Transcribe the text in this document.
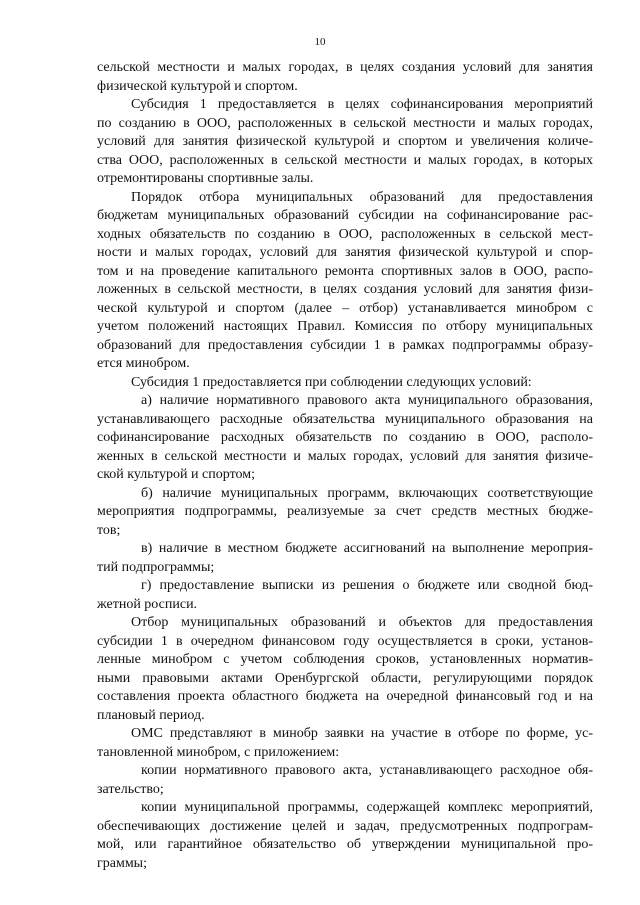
10
сельской местности и малых городах, в целях создания условий для занятия
физической культурой и спортом.
Субсидия 1 предоставляется в целях софинансирования мероприятий
по созданию в ООО, расположенных в сельской местности и малых городах,
условий для занятия физической культурой и спортом и увеличения количе-
ства ООО, расположенных в сельской местности и малых городах, в которых
отремонтированы спортивные залы.
Порядок отбора муниципальных образований для предоставления
бюджетам муниципальных образований субсидии на софинансирование рас-
ходных обязательств по созданию в ООО, расположенных в сельской мест-
ности и малых городах, условий для занятия физической культурой и спор-
том и на проведение капитального ремонта спортивных залов в ООО, распо-
ложенных в сельской местности, в целях создания условий для занятия физи-
ческой культурой и спортом (далее – отбор) устанавливается минобром с
учетом положений настоящих Правил. Комиссия по отбору муниципальных
образований для предоставления субсидии 1 в рамках подпрограммы образу-
ется минобром.
Субсидия 1 предоставляется при соблюдении следующих условий:
а) наличие нормативного правового акта муниципального образования,
устанавливающего расходные обязательства муниципального образования на
софинансирование расходных обязательств по созданию в ООО, располо-
женных в сельской местности и малых городах, условий для занятия физиче-
ской культурой и спортом;
б) наличие муниципальных программ, включающих соответствующие
мероприятия подпрограммы, реализуемые за счет средств местных бюдже-
тов;
в) наличие в местном бюджете ассигнований на выполнение мероприя-
тий подпрограммы;
г) предоставление выписки из решения о бюджете или сводной бюд-
жетной росписи.
Отбор муниципальных образований и объектов для предоставления
субсидии 1 в очередном финансовом году осуществляется в сроки, установ-
ленные минобром с учетом соблюдения сроков, установленных норматив-
ными правовыми актами Оренбургской области, регулирующими порядок
составления проекта областного бюджета на очередной финансовый год и на
плановый период.
ОМС представляют в минобр заявки на участие в отборе по форме, ус-
тановленной минобром, с приложением:
копии нормативного правового акта, устанавливающего расходное обя-
зательство;
копии муниципальной программы, содержащей комплекс мероприятий,
обеспечивающих достижение целей и задач, предусмотренных подпрограм-
мой, или гарантийное обязательство об утверждении муниципальной про-
граммы;
